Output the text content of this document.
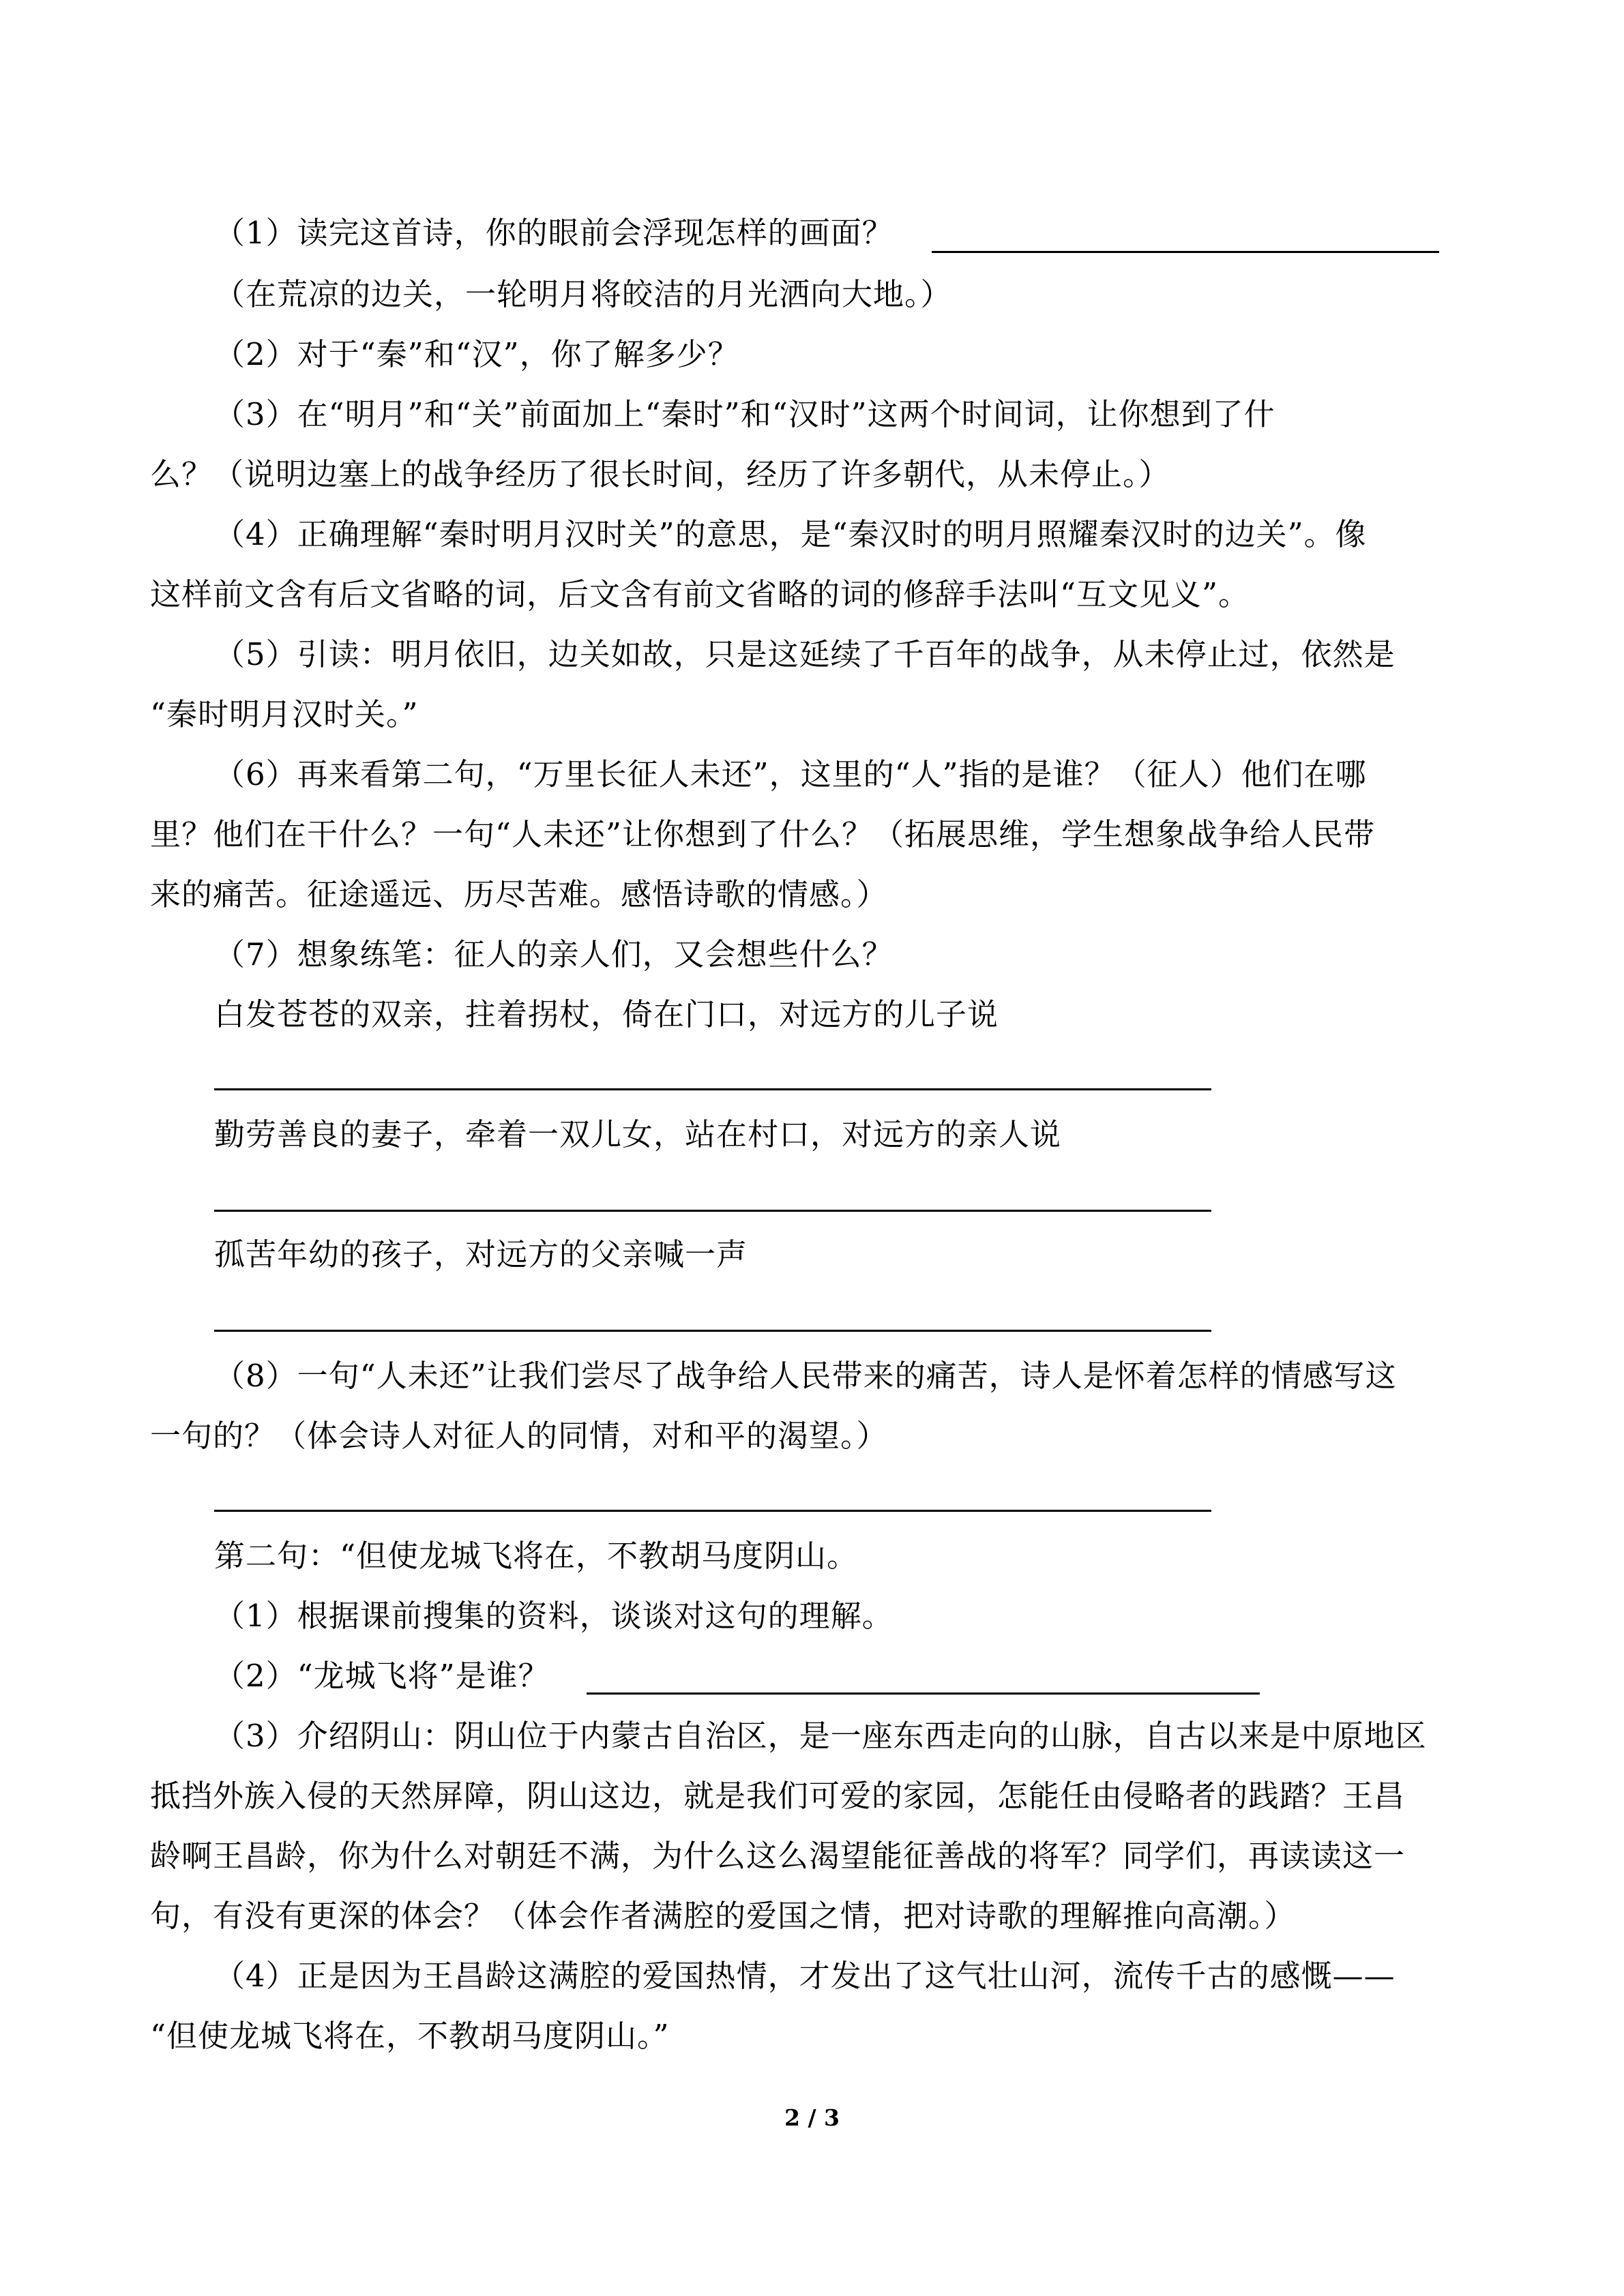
（1）读完这首诗，你的眼前会浮现怎样的画面？
（在荒凉的边关，一轮明月将皎洁的月光洒向大地。）
（2）对于“秦”和“汉”，你了解多少？
（3）在“明月”和“关”前面加上“秦时”和“汉时”这两个时间词，让你想到了什
么？（说明边塞上的战争经历了很长时间，经历了许多朝代，从未停止。）
（4）正确理解“秦时明月汉时关”的意思，是“秦汉时的明月照耀秦汉时的边关”。像
这样前文含有后文省略的词，后文含有前文省略的词的修辞手法叫“互文见义”。
（5）引读：明月依旧，边关如故，只是这延续了千百年的战争，从未停止过，依然是
“秦时明月汉时关。”
（6）再来看第二句，“万里长征人未还”，这里的“人”指的是谁？（征人）他们在哪
里？他们在干什么？一句“人未还”让你想到了什么？（拓展思维，学生想象战争给人民带
来的痛苦。征途遥远、历尽苦难。感悟诗歌的情感。）
（7）想象练笔：征人的亲人们，又会想些什么？
白发苍苍的双亲，拄着拐杖，倚在门口，对远方的儿子说
勤劳善良的妻子，牵着一双儿女，站在村口，对远方的亲人说
孤苦年幼的孩子，对远方的父亲喊一声
（8）一句“人未还”让我们尝尽了战争给人民带来的痛苦，诗人是怀着怎样的情感写这
一句的？（体会诗人对征人的同情，对和平的渴望。）
第二句：“但使龙城飞将在，不教胡马度阴山。
（1）根据课前搜集的资料，谈谈对这句的理解。
（2）“龙城飞将”是谁？
（3）介绍阴山：阴山位于内蒙古自治区，是一座东西走向的山脉，自古以来是中原地区
抵挡外族入侵的天然屏障，阴山这边，就是我们可爱的家园，怎能任由侵略者的践踏？王昌
龄啊王昌龄，你为什么对朝廷不满，为什么这么渴望能征善战的将军？同学们，再读读这一
句，有没有更深的体会？（体会作者满腔的爱国之情，把对诗歌的理解推向高潮。）
（4）正是因为王昌龄这满腔的爱国热情，才发出了这气壮山河，流传千古的感慨——
“但使龙城飞将在，不教胡马度阴山。”
2 / 3
